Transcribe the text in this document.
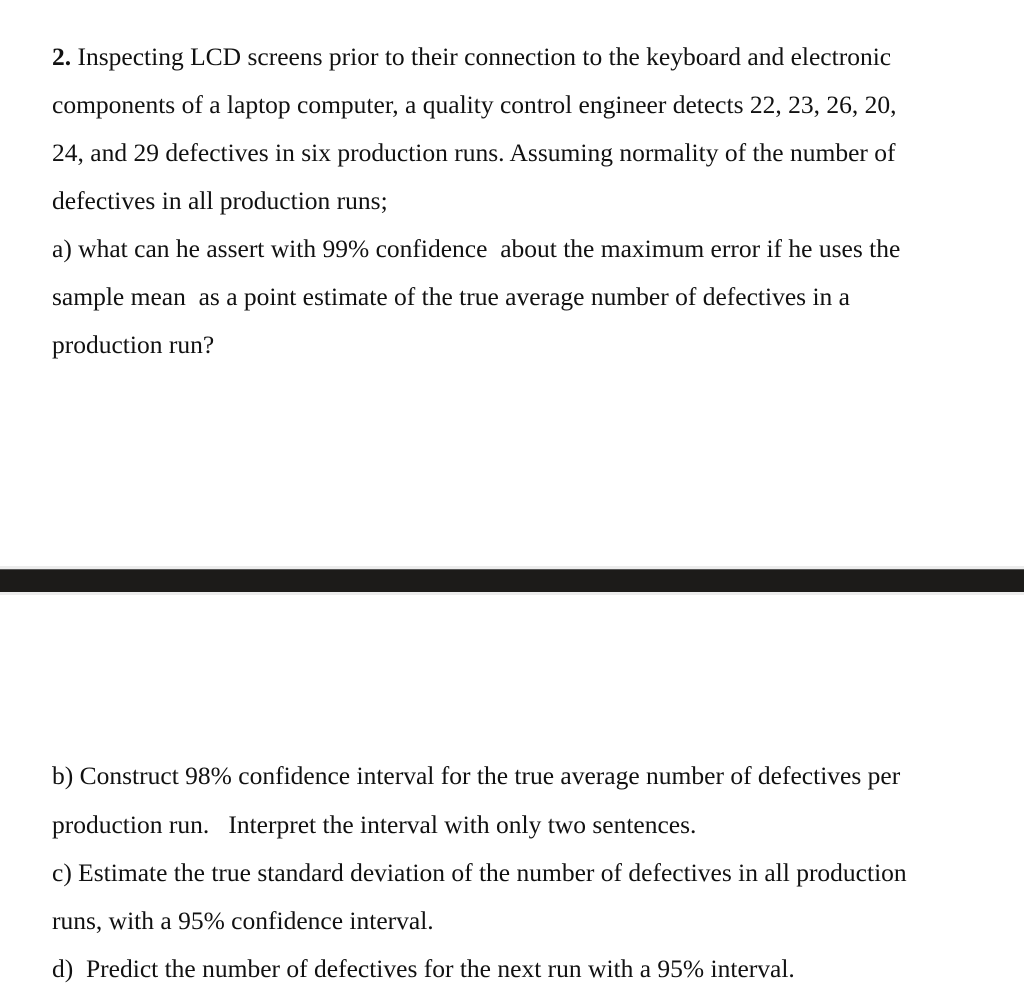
2. Inspecting LCD screens prior to their connection to the keyboard and electronic
components of a laptop computer, a quality control engineer detects 22, 23, 26, 20,
24, and 29 defectives in six production runs. Assuming normality of the number of
defectives in all production runs;
a) what can he assert with 99% confidence  about the maximum error if he uses the
sample mean  as a point estimate of the true average number of defectives in a
production run?
b) Construct 98% confidence interval for the true average number of defectives per
production run.   Interpret the interval with only two sentences.
c) Estimate the true standard deviation of the number of defectives in all production
runs, with a 95% confidence interval.
d)  Predict the number of defectives for the next run with a 95% interval.
